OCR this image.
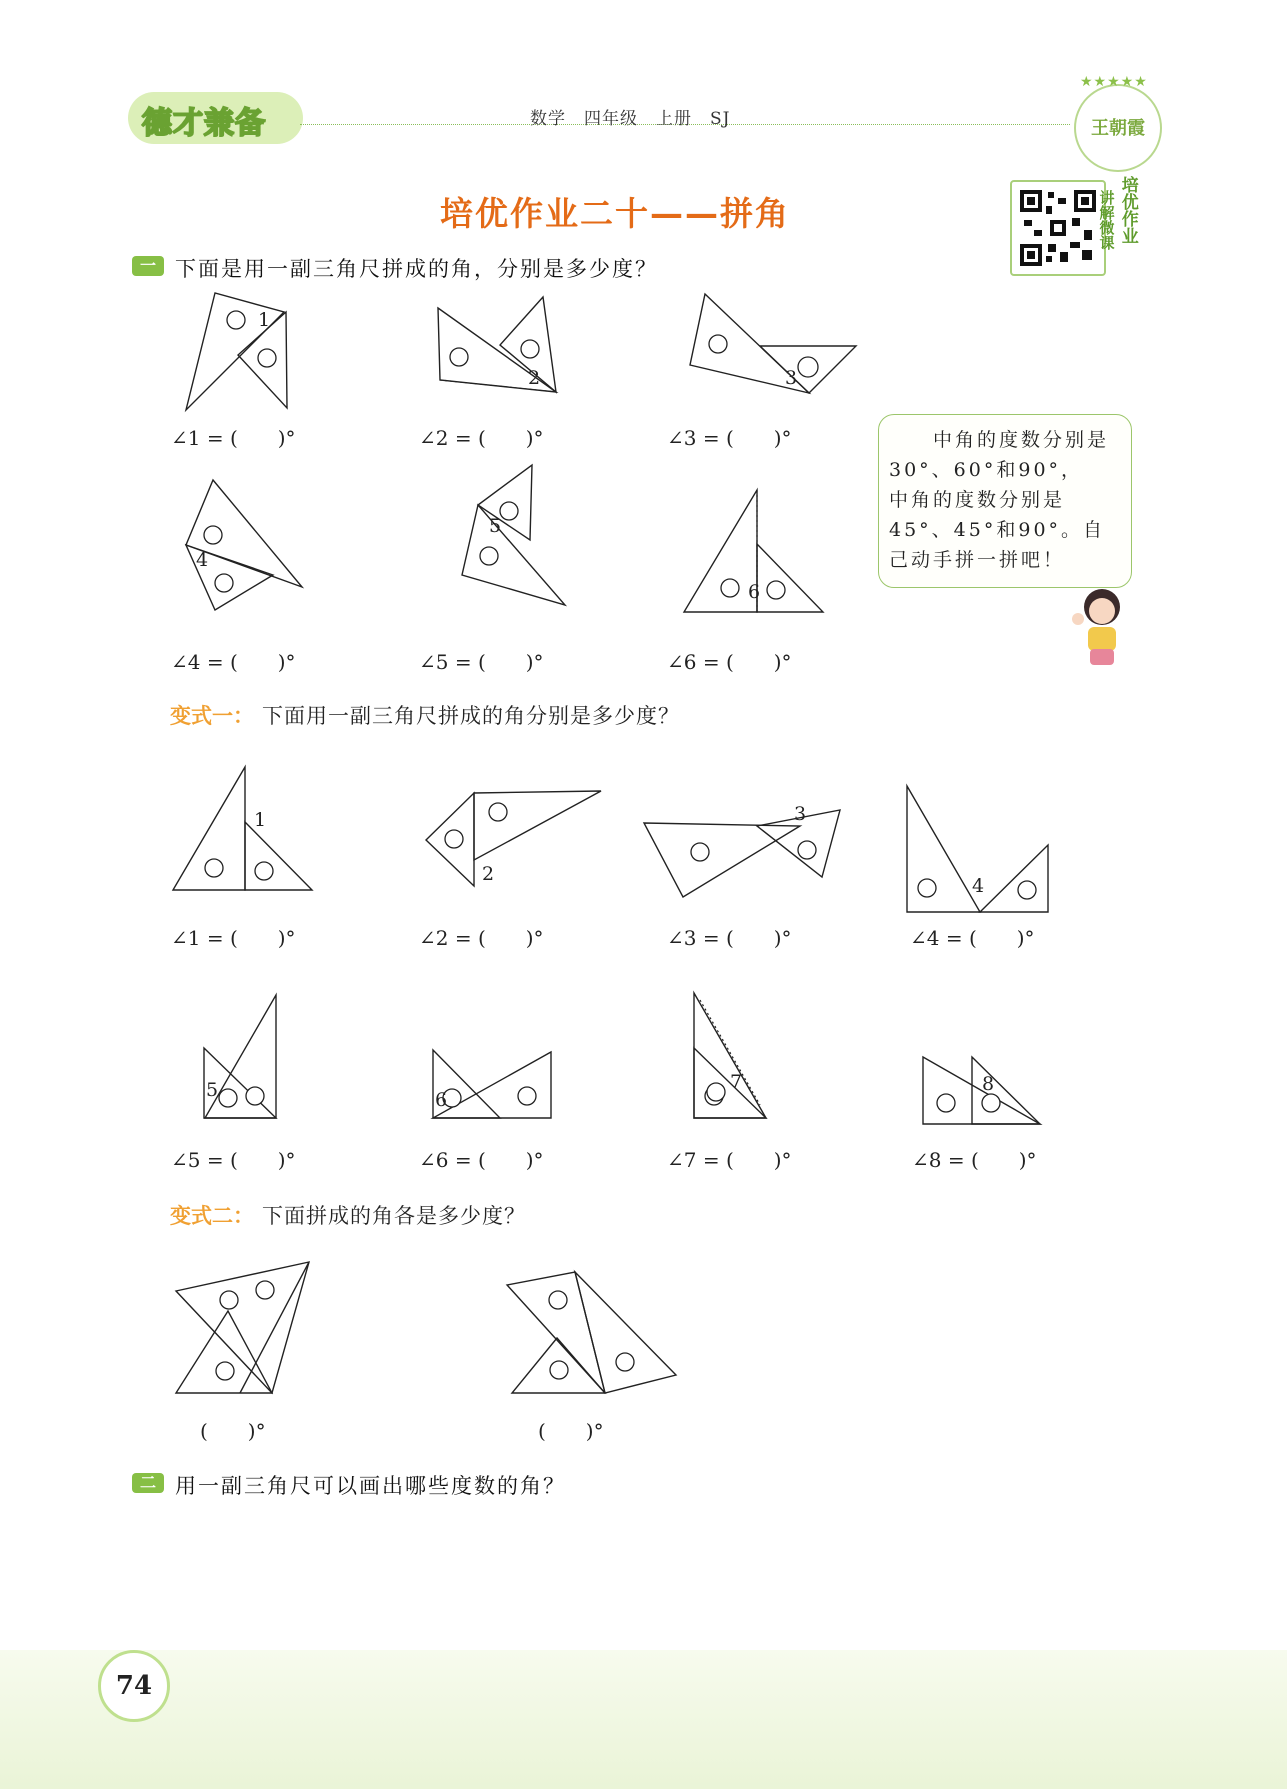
德才兼备	数学　四年级　上册　SJ
★★★★★
王朝霞
培优作业二十——拼角	培优作业
讲解微课
一 下面是用一副三角尺拼成的角，分别是多少度？
1
2	3
4
5
6
1
2
3
4
5	6
7	8
∠1 = (　　)°	∠2 = (　　)°	∠3 = (　　)°
∠4 = (　　)°	∠5 = (　　)°	∠6 = (　　)°
　　中角的度数分别是30°、60°和90°，　　中角的度数分别是45°、45°和90°。自己动手拼一拼吧！
变式一： 下面用一副三角尺拼成的角分别是多少度？
∠1 = (　　)°	∠2 = (　　)°	∠3 = (　　)°	∠4 = (　　)°
∠5 = (　　)°	∠6 = (　　)°	∠7 = (　　)°	∠8 = (　　)°
变式二： 下面拼成的角各是多少度？
(　　)°	(　　)°
二 用一副三角尺可以画出哪些度数的角？
74
